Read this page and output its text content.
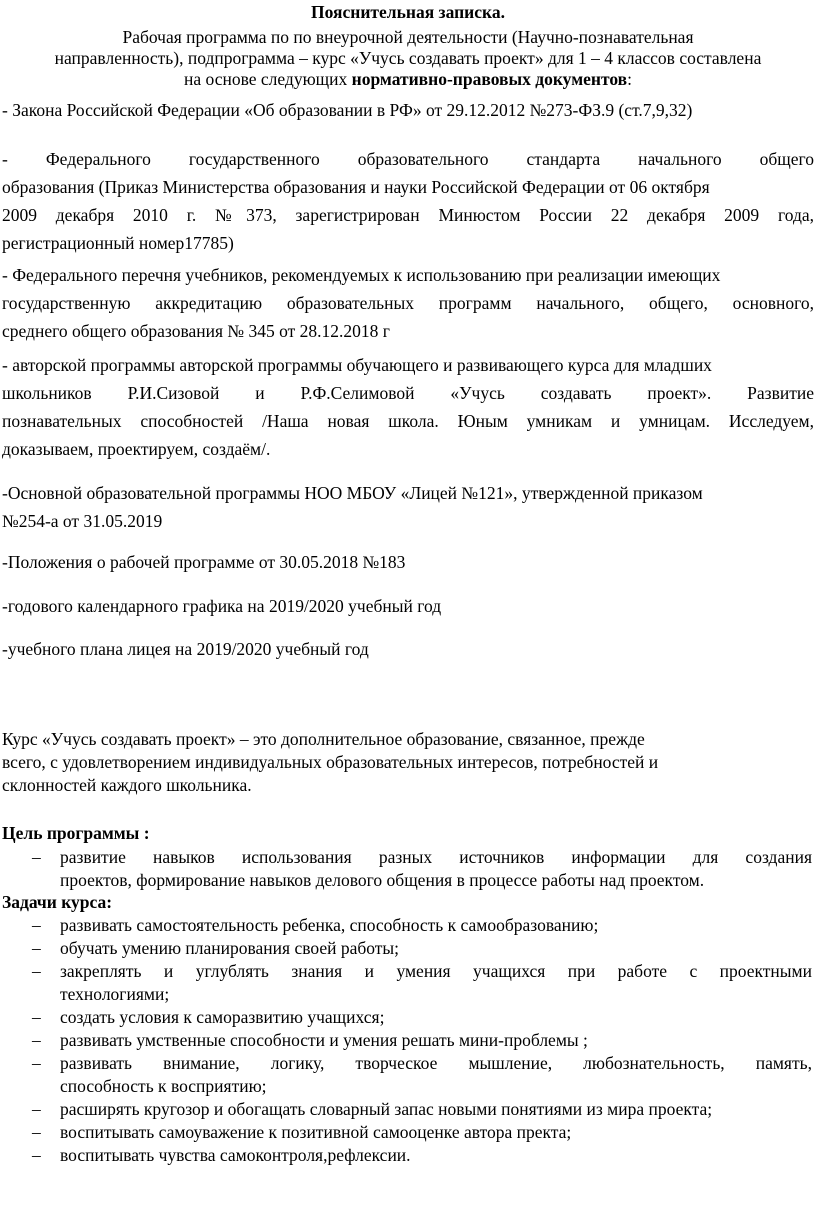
Пояснительная записка.

Рабочая программа по по внеурочной деятельности (Научно-познавательная
направленность), подпрограмма – курс «Учусь создавать проект» для 1 – 4 классов составлена
на основе следующих нормативно-правовых документов:

- Закона Российской Федерации «Об образовании в РФ» от 29.12.2012 №273-ФЗ.9 (ст.7,9,32)

- Федерального государственного образовательного стандарта начального общего
образования (Приказ Министерства образования и науки Российской Федерации от 06 октября
2009 декабря 2010 г. №373, зарегистрирован Минюстом России 22 декабря 2009 года,
регистрационный номер17785)

- Федерального перечня учебников, рекомендуемых к использованию при реализации имеющих
государственную аккредитацию образовательных программ начального, общего, основного,
среднего общего образования № 345 от 28.12.2018 г

- авторской программы авторской программы обучающего и развивающего курса для младших
школьников Р.И.Сизовой и Р.Ф.Селимовой «Учусь создавать проект». Развитие
познавательных способностей /Наша новая школа. Юным умникам и умницам. Исследуем,
доказываем, проектируем, создаём/.

-Основной образовательной программы НОО МБОУ «Лицей №121», утвержденной приказом
№254-а от 31.05.2019

-Положения о рабочей программе от 30.05.2018 №183

-годового календарного графика на 2019/2020 учебный год

-учебного плана лицея на 2019/2020 учебный год

Курс «Учусь создавать проект» – это дополнительное образование, связанное, прежде
всего, с удовлетворением индивидуальных образовательных интересов, потребностей и
склонностей каждого школьника.

Цель программы :

– развитие навыков использования разных источников информации для создания
проектов, формирование навыков делового общения в процессе работы над проектом.

Задачи курса:

– развивать самостоятельность ребенка, способность к самообразованию;
– обучать умению планирования своей работы;
– закреплять и углублять знания и умения учащихся при работе с проектными
технологиями;
– создать условия к саморазвитию учащихся;
– развивать умственные способности и умения решать мини-проблемы ;
– развивать внимание, логику, творческое мышление, любознательность, память,
способность к восприятию;
– расширять кругозор и обогащать словарный запас новыми понятиями из мира проекта;
– воспитывать самоуважение к позитивной самооценке автора пректа;
– воспитывать чувства самоконтроля,рефлексии.
